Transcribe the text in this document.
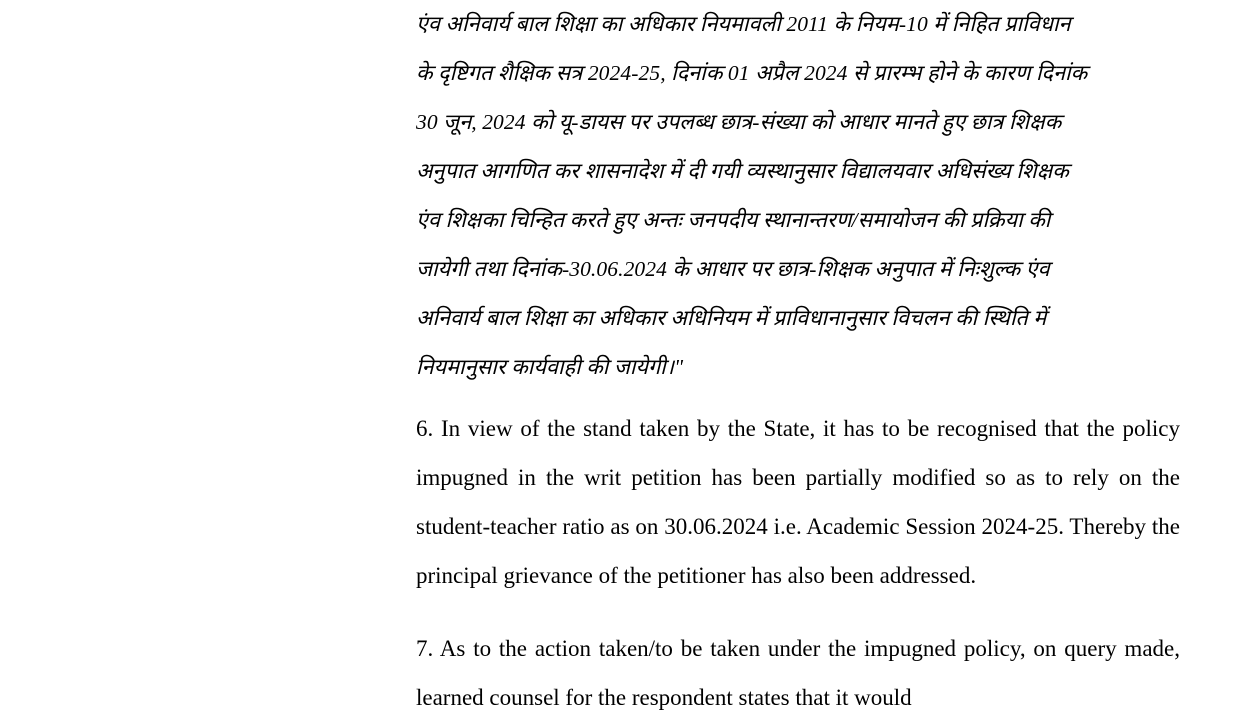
एंव अनिवार्य बाल शिक्षा का अधिकार नियमावली 2011 के नियम-10 में निहित प्राविधान

के दृष्टिगत शैक्षिक सत्र 2024-25, दिनांक 01 अप्रैल 2024 से प्रारम्भ होने के कारण दिनांक

30 जून, 2024 को यू-डायस पर उपलब्ध छात्र-संख्या को आधार मानते हुए छात्र शिक्षक

अनुपात आगणित कर शासनादेश में दी गयी व्यस्थानुसार विद्यालयवार अधिसंख्य शिक्षक

एंव शिक्षका चिन्हित करते हुए अन्तः जनपदीय स्थानान्तरण/समायोजन की प्रक्रिया की

जायेगी तथा दिनांक-30.06.2024 के आधार पर छात्र-शिक्षक अनुपात में निःशुल्क एंव

अनिवार्य बाल शिक्षा का अधिकार अधिनियम में प्राविधानानुसार विचलन की स्थिति में

नियमानुसार कार्यवाही की जायेगी।"

6. In view of the stand taken by the State, it has to be recognised that the policy impugned in the writ petition has been partially modified so as to rely on the student-teacher ratio as on 30.06.2024 i.e. Academic Session 2024-25. Thereby the principal grievance of the petitioner has also been addressed.

7. As to the action taken/to be taken under the impugned policy, on query made, learned counsel for the respondent states that it would
